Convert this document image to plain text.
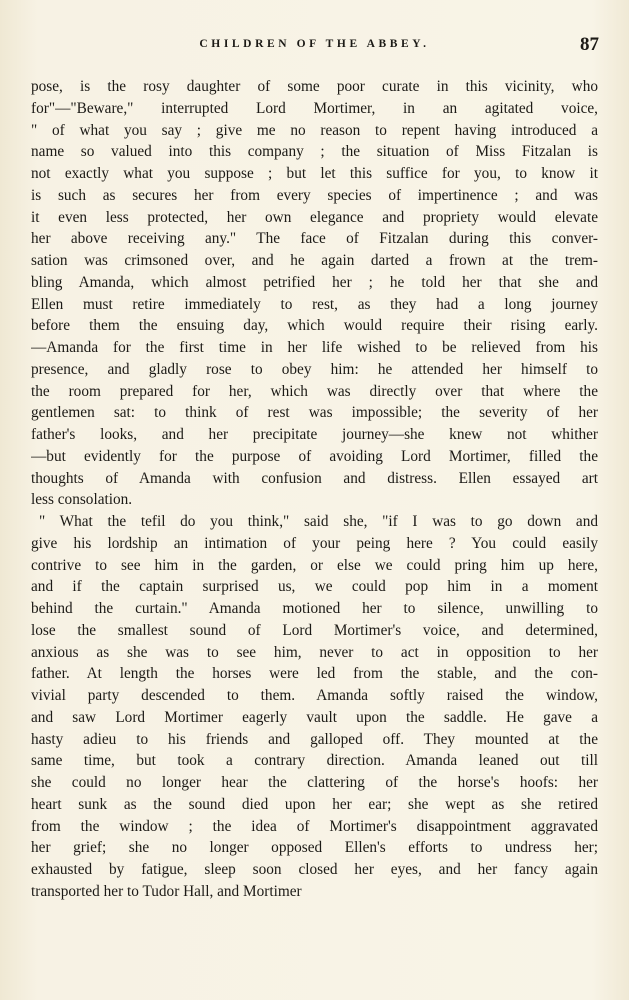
CHILDREN OF THE ABBEY.	87
pose, is the rosy daughter of some poor curate in this vicinity, who
for"—"Beware," interrupted Lord Mortimer, in an agitated voice,
" of what you say ; give me no reason to repent having introduced a
name so valued into this company ; the situation of Miss Fitzalan is
not exactly what you suppose ; but let this suffice for you, to know it
is such as secures her from every species of impertinence ; and was
it even less protected, her own elegance and propriety would elevate
her above receiving any." The face of Fitzalan during this conver-
sation was crimsoned over, and he again darted a frown at the trem-
bling Amanda, which almost petrified her ; he told her that she and
Ellen must retire immediately to rest, as they had a long journey
before them the ensuing day, which would require their rising early.
—Amanda for the first time in her life wished to be relieved from his
presence, and gladly rose to obey him: he attended her himself to
the room prepared for her, which was directly over that where the
gentlemen sat: to think of rest was impossible; the severity of her
father's looks, and her precipitate journey—she knew not whither
—but evidently for the purpose of avoiding Lord Mortimer, filled the
thoughts of Amanda with confusion and distress. Ellen essayed art
less consolation.
" What the tefil do you think," said she, "if I was to go down and
give his lordship an intimation of your peing here ? You could easily
contrive to see him in the garden, or else we could pring him up here,
and if the captain surprised us, we could pop him in a moment
behind the curtain." Amanda motioned her to silence, unwilling to
lose the smallest sound of Lord Mortimer's voice, and determined,
anxious as she was to see him, never to act in opposition to her
father. At length the horses were led from the stable, and the con-
vivial party descended to them. Amanda softly raised the window,
and saw Lord Mortimer eagerly vault upon the saddle. He gave a
hasty adieu to his friends and galloped off. They mounted at the
same time, but took a contrary direction. Amanda leaned out till
she could no longer hear the clattering of the horse's hoofs: her
heart sunk as the sound died upon her ear; she wept as she retired
from the window ; the idea of Mortimer's disappointment aggravated
her grief; she no longer opposed Ellen's efforts to undress her;
exhausted by fatigue, sleep soon closed her eyes, and her fancy again
transported her to Tudor Hall, and Mortimer
